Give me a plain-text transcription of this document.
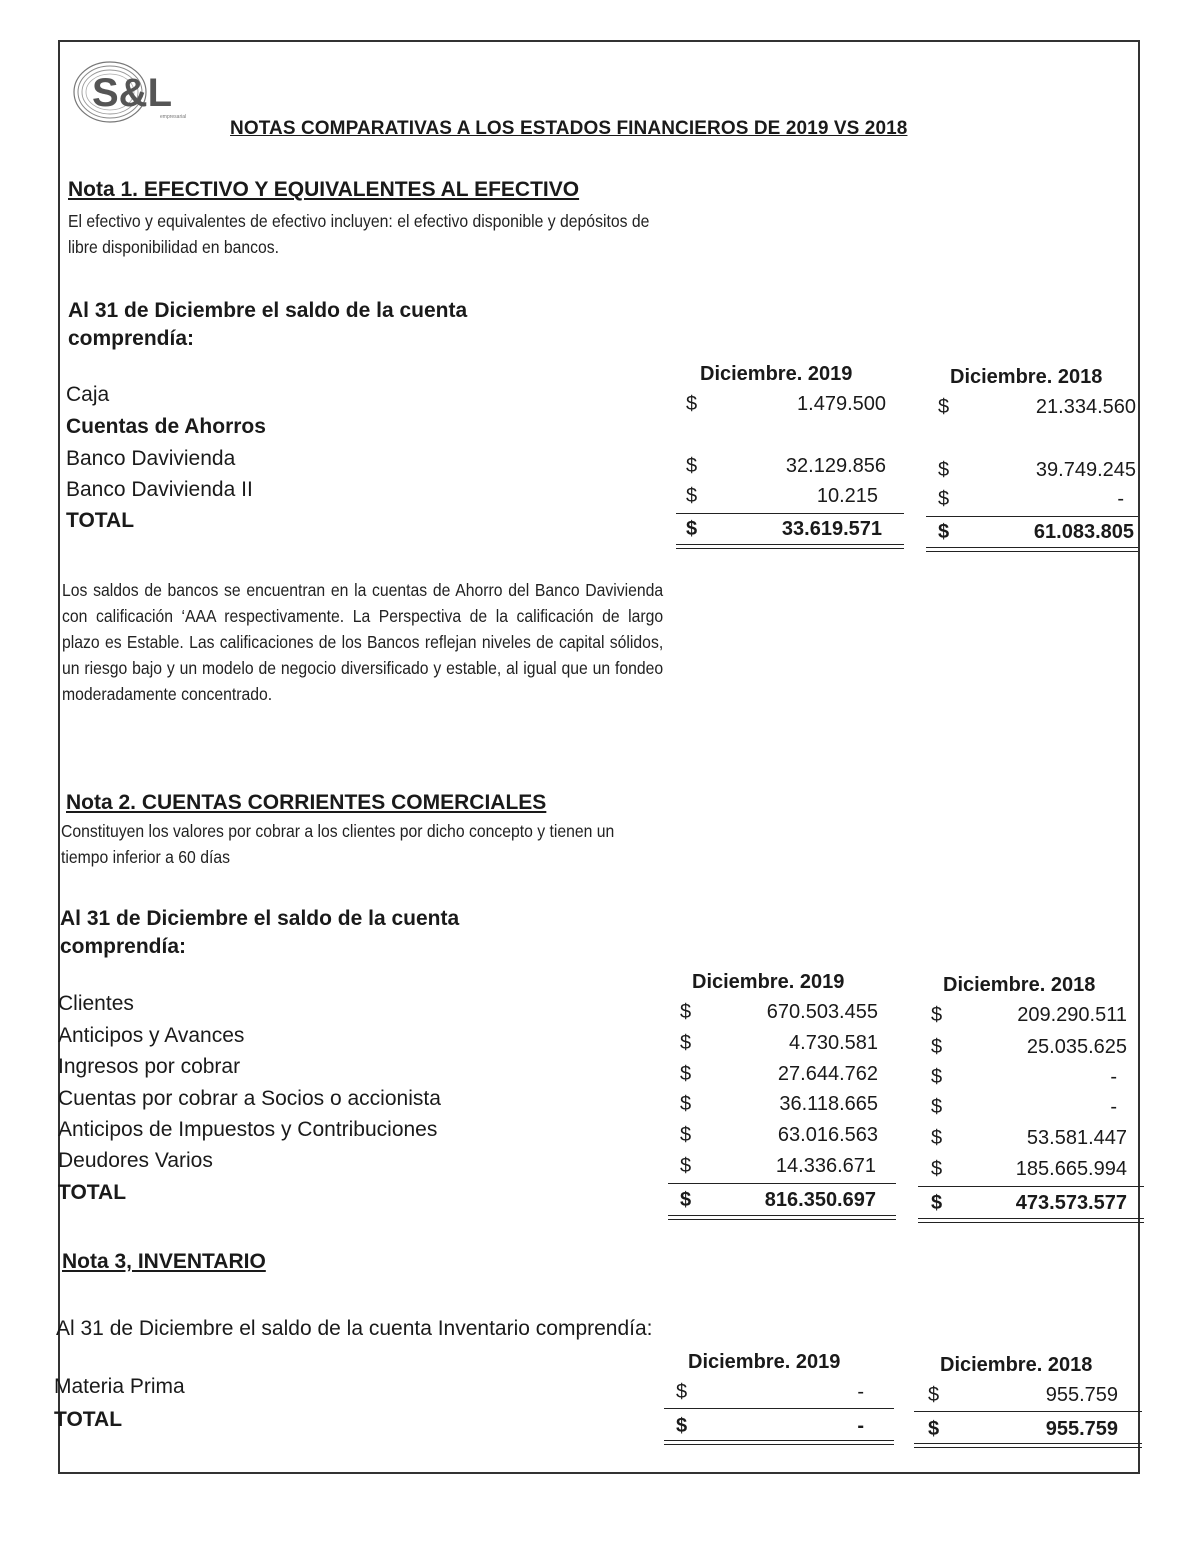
S&L
empresarial
NOTAS COMPARATIVAS A LOS ESTADOS FINANCIEROS DE 2019 VS 2018
Nota 1. EFECTIVO Y EQUIVALENTES AL EFECTIVO
El efectivo y equivalentes de efectivo incluyen: el efectivo disponible y depósitos de libre disponibilidad en bancos.
Al 31 de Diciembre el saldo de la cuenta comprendía:
Diciembre. 2019	Diciembre. 2018
Caja	$	1.479.500	$	21.334.560
Cuentas de Ahorros
Banco Davivienda	$	32.129.856	$	39.749.245
Banco Davivienda II	$	10.215	$	-
TOTAL	$	33.619.571	$	61.083.805
Los saldos de bancos se encuentran en la cuentas de Ahorro del Banco Davivienda con calificación ‘AAA respectivamente. La Perspectiva de la calificación de largo plazo es Estable. Las calificaciones de los Bancos reflejan niveles de capital sólidos, un riesgo bajo y un modelo de negocio diversificado y estable, al igual que un fondeo moderadamente concentrado.
Nota 2. CUENTAS CORRIENTES COMERCIALES
Constituyen los valores por cobrar a los clientes por dicho concepto y tienen un tiempo inferior a 60 días
Al 31 de Diciembre el saldo de la cuenta comprendía:
Diciembre. 2019	Diciembre. 2018
Clientes	$	670.503.455	$	209.290.511
Anticipos y Avances	$	4.730.581	$	25.035.625
Ingresos por cobrar	$	27.644.762	$	-
Cuentas por cobrar a Socios o accionista	$	36.118.665	$	-
Anticipos de Impuestos y Contribuciones	$	63.016.563	$	53.581.447
Deudores Varios	$	14.336.671	$	185.665.994
TOTAL	$	816.350.697	$	473.573.577
Nota 3, INVENTARIO
Al 31 de Diciembre el saldo de la cuenta Inventario comprendía:
Diciembre. 2019	Diciembre. 2018
Materia Prima	$	-	$	955.759
TOTAL	$	-	$	955.759
